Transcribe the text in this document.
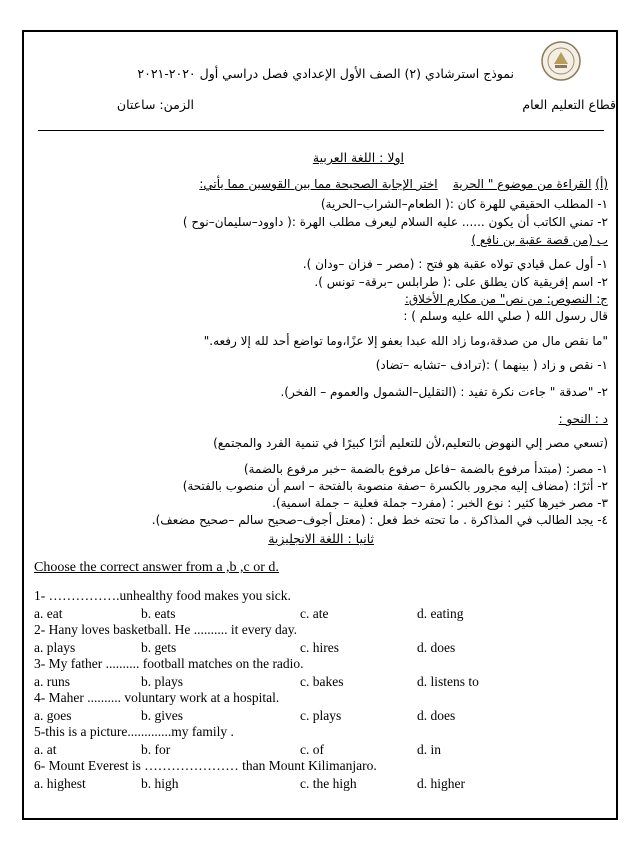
نموذج استرشادي (٢) الصف الأول الإعدادي فصل دراسي أول ٢٠٢٠-٢٠٢١
قطاع التعليم العام
الزمن: ساعتان
اولا : اللغة العربية
(أ) القراءة من موضوع " الحرية    اختر الإجابة الصحيحة مما بين القوسين مما يأتي:
١- المطلب الحقيقي للهرة كان :( الطعام–الشراب–الحرية)
٢- تمني الكاتب أن يكون ...... عليه السلام ليعرف مطلب الهرة :( داوود–سليمان–نوح )
ب (من قصة عقبة بن نافع )
١- أول عمل قيادي تولاه عقبة هو فتح : (مصر – فزان –ودان ).
٢- اسم إفريقية كان يطلق على :( طرابلس –برقة– تونس ).
ج: النصوص: من نص" من مكارم الأخلاق:
قال رسول الله ( صلي الله عليه وسلم ) :
"ما نقص مال من صدقة،وما زاد الله عبدا بعفو إلا عزًا،وما تواضع أحد لله إلا رفعه."
١- نقص و زاد ( بينهما ) :(ترادف –تشابه –تضاد)
٢- "صدقة " جاءت نكرة تفيد : (التقليل–الشمول والعموم – الفخر).
د : النحو :
(تسعي مصر إلي النهوض بالتعليم،لأن للتعليم أثرًا كبيرًا في تنمية الفرد والمجتمع)
١- مصر: (مبتدأ مرفوع بالضمة –فاعل مرفوع بالضمة –خبر مرفوع بالضمة)
٢- أثرًا: (مضاف إليه مجرور بالكسرة –صفة منصوبة بالفتحة – اسم أن منصوب بالفتحة)
٣- مصر خيرها كثير : نوع الخبر : (مفرد– جملة فعلية – جملة اسمية).
٤- يجد الطالب في المذاكرة . ما تحته خط فعل : (معتل أجوف–صحيح سالم –صحيح مضعف).
ثانيا : اللغة الانجليزية
Choose the correct answer from a ,b ,c or d.
1- …………….unhealthy food makes you sick.
a. eat	b. eats	c. ate	d. eating
2- Hany loves basketball. He .......... it every day.
a. plays	b. gets	c. hires	d. does
3- My father .......... football matches on the radio.
a. runs	b. plays	c. bakes	d. listens to
4- Maher .......... voluntary work at a hospital.
a. goes	b. gives	c. plays	d. does
5-this is a picture.............my family .
a. at	b. for	c. of	d. in
6- Mount Everest is ………………… than Mount Kilimanjaro.
a. highest	b. high	c. the high	d. higher
